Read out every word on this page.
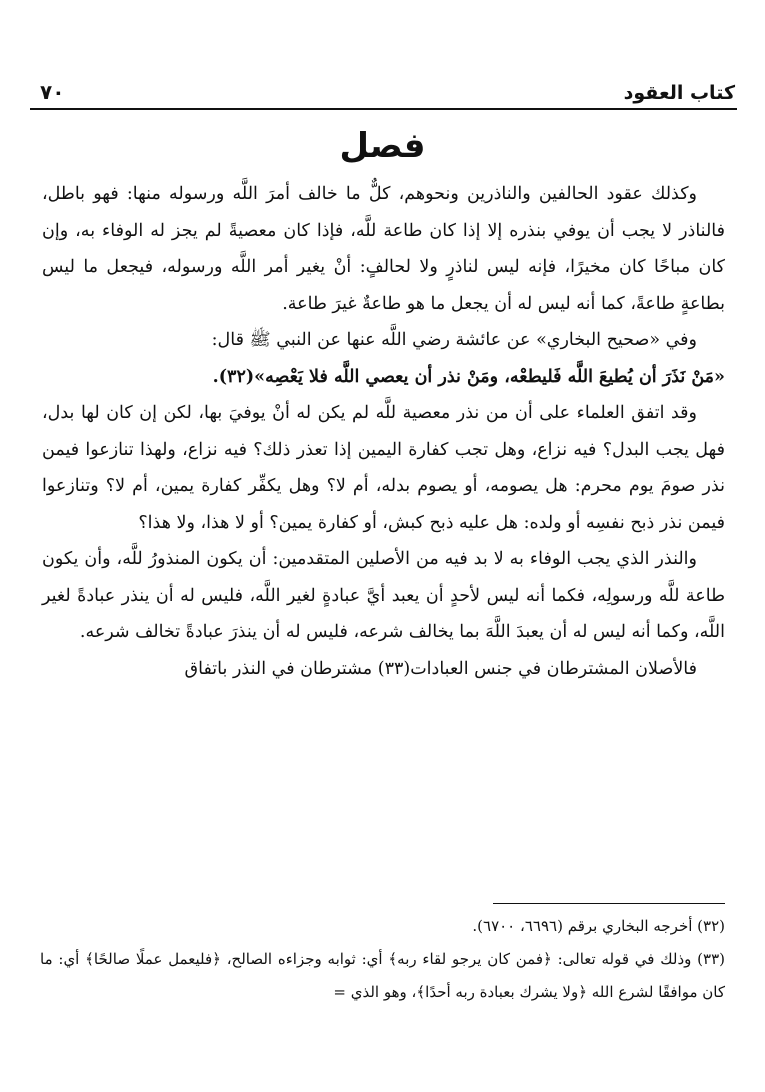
كتاب العقود
٧٠
فصل

وكذلك عقود الحالفين والناذرين ونحوهم، كلٌّ ما خالف أمرَ اللَّه ورسوله منها: فهو باطل، فالناذر لا يجب أن يوفي بنذره إلا إذا كان طاعة للَّه، فإذا كان معصيةً لم يجز له الوفاء به، وإن كان مباحًا كان مخيرًا، فإنه ليس لناذرٍ ولا لحالفٍ: أنْ يغير أمر اللَّه ورسوله، فيجعل ما ليس بطاعةٍ طاعةً، كما أنه ليس له أن يجعل ما هو طاعةٌ غيرَ طاعة.

وفي «صحيح البخاري» عن عائشة رضي اللَّه عنها عن النبي ﷺ قال:

«مَنْ نَذَرَ أن يُطيعَ اللَّه فَليطعْه، ومَنْ نذر أن يعصي اللَّه فلا يَعْصِه»(٣٢).

وقد اتفق العلماء على أن من نذر معصية للَّه لم يكن له أنْ يوفيَ بها، لكن إن كان لها بدل، فهل يجب البدل؟ فيه نزاع، وهل تجب كفارة اليمين إذا تعذر ذلك؟ فيه نزاع، ولهذا تنازعوا فيمن نذر صومَ يوم محرم: هل يصومه، أو يصوم بدله، أم لا؟ وهل يكفِّر كفارة يمين، أم لا؟ وتنازعوا فيمن نذر ذبح نفسِه أو ولده: هل عليه ذبح كبش، أو كفارة يمين؟ أو لا هذا، ولا هذا؟

والنذر الذي يجب الوفاء به لا بد فيه من الأصلين المتقدمين: أن يكون المنذورُ للَّه، وأن يكون طاعة للَّه ورسولِه، فكما أنه ليس لأحدٍ أن يعبد أيَّ عبادةٍ لغير اللَّه، فليس له أن ينذر عبادةً لغير اللَّه، وكما أنه ليس له أن يعبدَ اللَّهَ بما يخالف شرعه، فليس له أن ينذرَ عبادةً تخالف شرعه.

فالأصلان المشترطان في جنس العبادات(٣٣) مشترطان في النذر باتفاق

(٣٢) أخرجه البخاري برقم (٦٦٩٦، ٦٧٠٠).

(٣٣) وذلك في قوله تعالى: ﴿فمن كان يرجو لقاء ربه﴾ أي: ثوابه وجزاءه الصالح، ﴿فليعمل عملًا صالحًا﴾ أي: ما كان موافقًا لشرع الله ﴿ولا يشرك بعبادة ربه أحدًا﴾، وهو الذي =
